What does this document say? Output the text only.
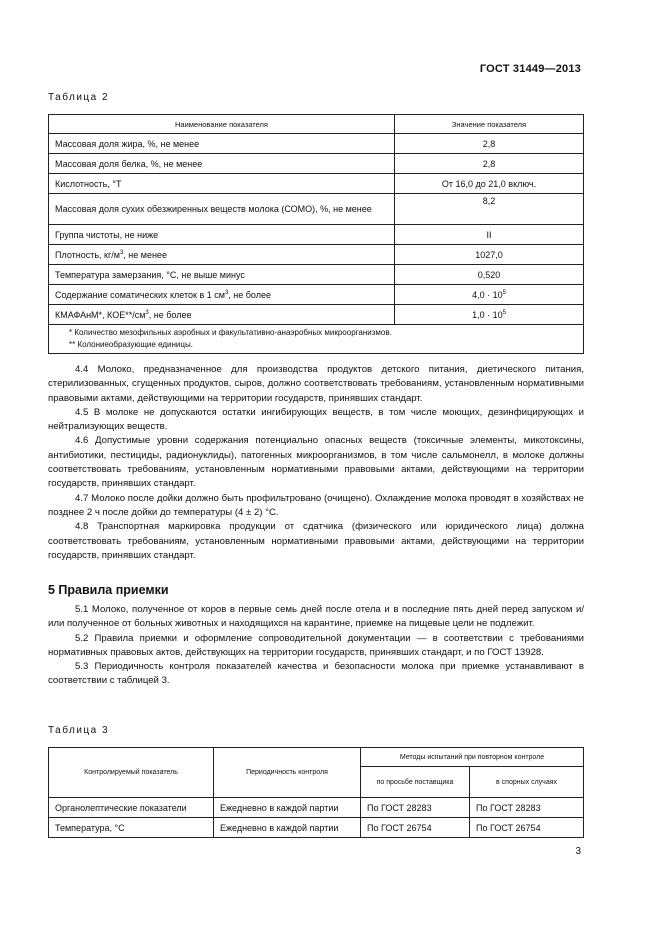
ГОСТ 31449—2013
Таблица 2
Наименование показателя	Значение показателя
Массовая доля жира, %, не менее	2,8
Массовая доля белка, %, не менее	2,8
Кислотность, °Т	От 16,0 до 21,0 включ.
Массовая доля сухих обезжиренных веществ молока (СОМО), %, не менее	8,2
Группа чистоты, не ниже	II
Плотность, $кг/м^3$, не менее	1027,0
Температура замерзания, °С, не выше минус	0,520
Содержание соматических клеток в 1 $см^3$, не более	$4,0 \cdot 10^5$
КМАФАнМ*, $КОЕ**/см^3$, не более	$1,0 \cdot 10^5$

* Количество мезофильных аэробных и факультативно-анаэробных микроорганизмов.
** Колониеобразующие единицы.	

4.4 Молоко, предназначенное для производства продуктов детского питания, диетического питания, стерилизованных, сгущенных продуктов, сыров, должно соответствовать требованиям, установленным нормативными правовыми актами, действующими на территории государств, принявших стандарт.

4.5 В молоке не допускаются остатки ингибирующих веществ, в том числе моющих, дезинфицирующих и нейтрализующих веществ.

4.6 Допустимые уровни содержания потенциально опасных веществ (токсичные элементы, микотоксины, антибиотики, пестициды, радионуклиды), патогенных микроорганизмов, в том числе сальмонелл, в молоке должны соответствовать требованиям, установленным нормативными правовыми актами, действующими на территории государств, принявших стандарт.

4.7 Молоко после дойки должно быть профильтровано (очищено). Охлаждение молока проводят в хозяйствах не позднее 2 ч после дойки до температуры (4 ± 2) °С.

4.8 Транспортная маркировка продукции от сдатчика (физического или юридического лица) должна соответствовать требованиям, установленным нормативными правовыми актами, действующими на территории государств, принявших стандарт.

5 Правила приемки

5.1 Молоко, полученное от коров в первые семь дней после отела и в последние пять дней перед запуском и/или полученное от больных животных и находящихся на карантине, приемке на пищевые цели не подлежит.

5.2 Правила приемки и оформление сопроводительной документации — в соответствии с требованиями нормативных правовых актов, действующих на территории государств, принявших стандарт, и по ГОСТ 13928.

5.3 Периодичность контроля показателей качества и безопасности молока при приемке устанавливают в соответствии с таблицей 3.

Таблица 3
Контролируемый показатель	Периодичность контроля	Методы испытаний при повторном контроле	
		по просьбе поставщика	в спорных случаях
Органолептические показатели	Ежедневно в каждой партии	По ГОСТ 28283	По ГОСТ 28283
Температура, °С	Ежедневно в каждой партии	По ГОСТ 26754	По ГОСТ 26754
3
